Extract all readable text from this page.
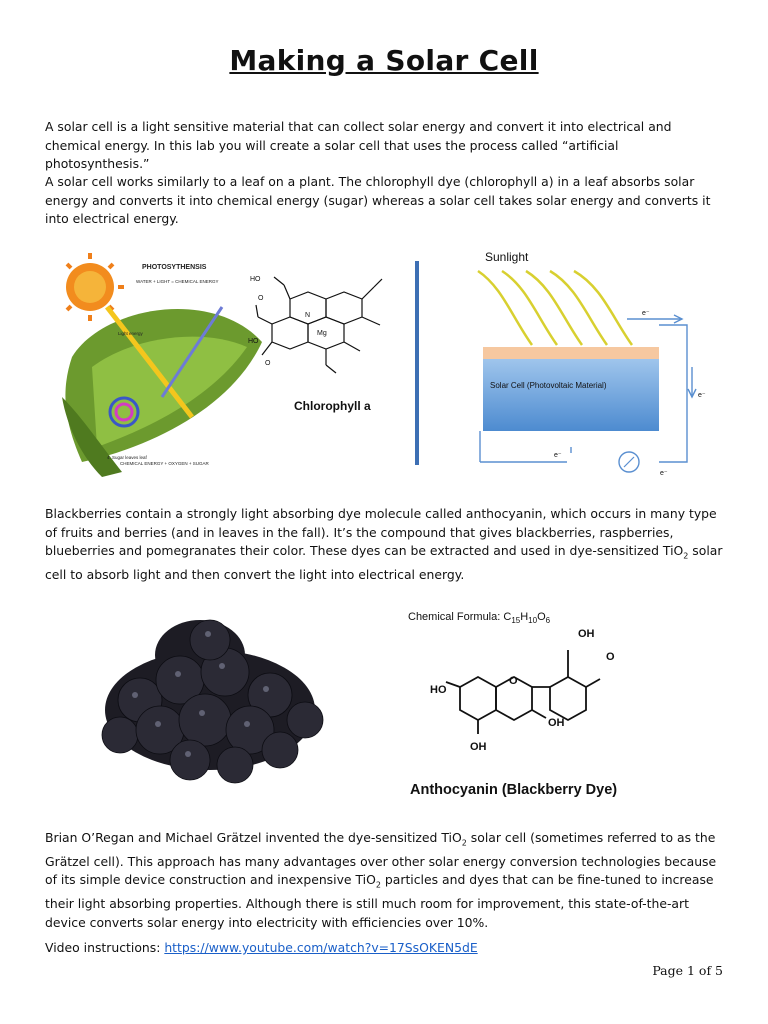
Making a Solar Cell

A solar cell is a light sensitive material that can collect solar energy and convert it into electrical and chemical energy. In this lab you will create a solar cell that uses the process called “artificial photosynthesis.”

A solar cell works similarly to a leaf on a plant. The chlorophyll dye (chlorophyll a) in a leaf absorbs solar energy and converts it into chemical energy (sugar) whereas a solar cell takes solar energy and converts it into electrical energy.

PHOTOSYTHENSIS
WATER + LIGHT = CHEMICAL ENERGY
Light energy
4. Sugar leaves leaf
CHEMICAL ENERGY + OXYGEN + SUGAR
HO
O
HO
O
N
Mg
Chlorophyll a
Sunlight
Solar Cell (Photovoltaic Material)
e⁻
e⁻
e⁻
e⁻

Blackberries contain a strongly light absorbing dye molecule called anthocyanin, which occurs in many type of fruits and berries (and in leaves in the fall). It’s the compound that gives blackberries, raspberries, blueberries and pomegranates their color. These dyes can be extracted and used in dye-sensitized TiO$_2$ solar cell to absorb light and then convert the light into electrical energy.

Chemical Formula: $C_{15}H_{10}O_6$
OH
O
HO
O
OH
OH
Anthocyanin (Blackberry Dye)

Brian O’Regan and Michael Grätzel invented the dye-sensitized TiO$_2$ solar cell (sometimes referred to as the Grätzel cell). This approach has many advantages over other solar energy conversion technologies because of its simple device construction and inexpensive TiO$_2$ particles and dyes that can be fine-tuned to increase their light absorbing properties. Although there is still much room for improvement, this state-of-the-art device converts solar energy into electricity with efficiencies over 10%.

Video instructions: https://www.youtube.com/watch?v=17SsOKEN5dE
Page 1 of 5
